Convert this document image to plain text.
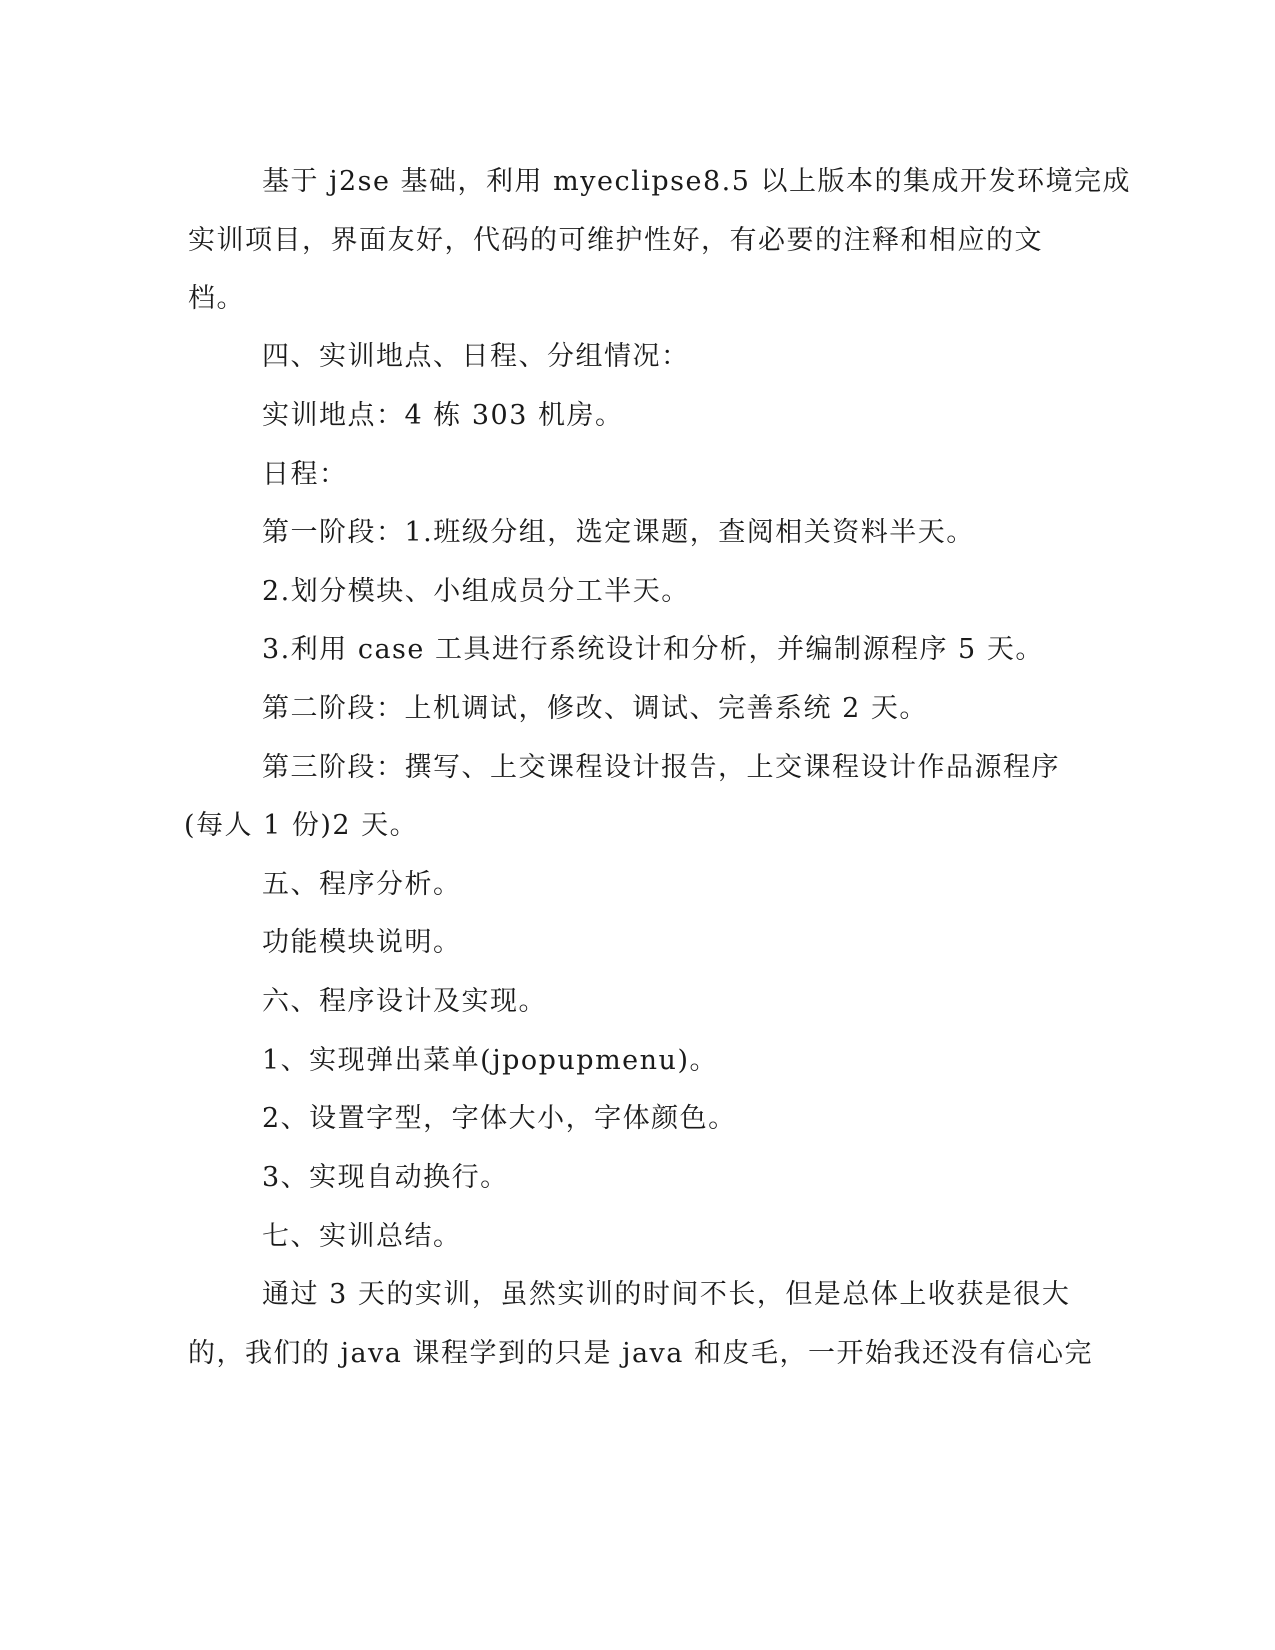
基于 j2se 基础，利用 myeclipse8.5 以上版本的集成开发环境完成
实训项目，界面友好，代码的可维护性好，有必要的注释和相应的文
档。
四、实训地点、日程、分组情况：
实训地点：4 栋 303 机房。
日程：
第一阶段：1.班级分组，选定课题，查阅相关资料半天。
2.划分模块、小组成员分工半天。
3.利用 case 工具进行系统设计和分析，并编制源程序 5 天。
第二阶段：上机调试，修改、调试、完善系统 2 天。
第三阶段：撰写、上交课程设计报告，上交课程设计作品源程序
(每人 1 份)2 天。
五、程序分析。
功能模块说明。
六、程序设计及实现。
1、实现弹出菜单(jpopupmenu)。
2、设置字型，字体大小，字体颜色。
3、实现自动换行。
七、实训总结。
通过 3 天的实训，虽然实训的时间不长，但是总体上收获是很大
的，我们的 java 课程学到的只是 java 和皮毛，一开始我还没有信心完
